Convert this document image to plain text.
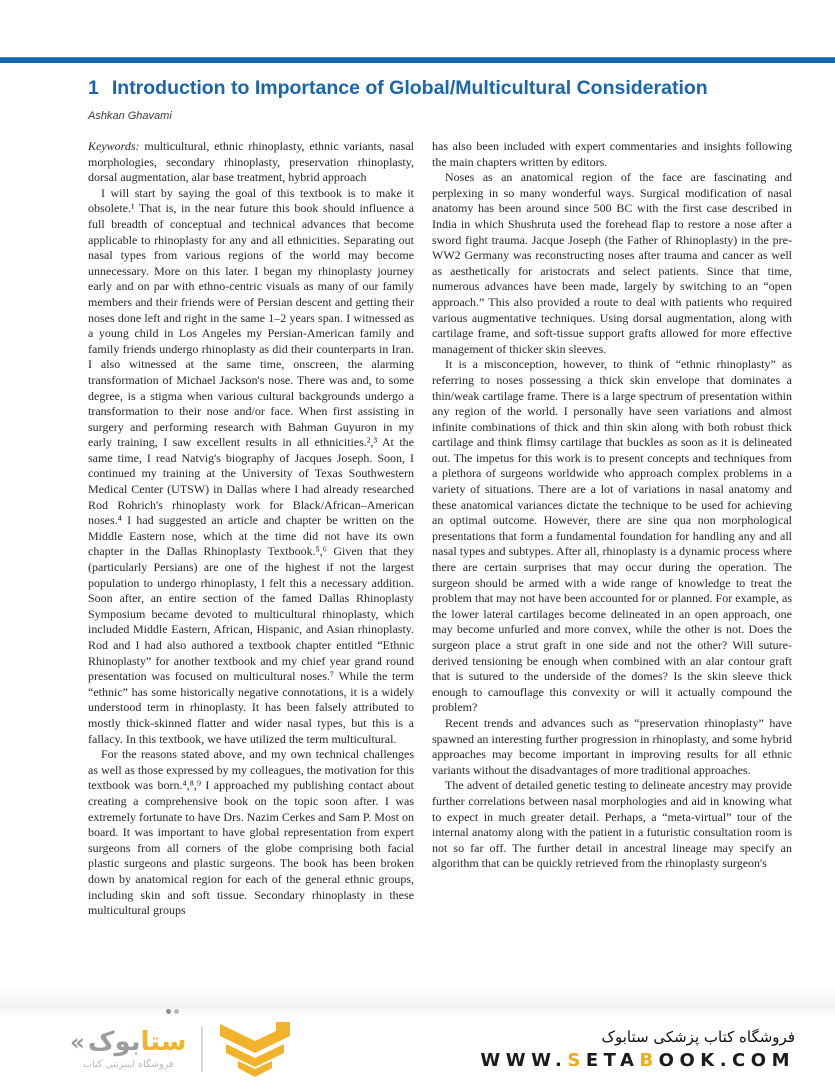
1 Introduction to Importance of Global/Multicultural Consideration
Ashkan Ghavami

Keywords: multicultural, ethnic rhinoplasty, ethnic variants, nasal morphologies, secondary rhinoplasty, preservation rhinoplasty, dorsal augmentation, alar base treatment, hybrid approach

I will start by saying the goal of this textbook is to make it obsolete.¹ That is, in the near future this book should influence a full breadth of conceptual and technical advances that become applicable to rhinoplasty for any and all ethnicities. Separating out nasal types from various regions of the world may become unnecessary. More on this later. I began my rhinoplasty journey early and on par with ethno-centric visuals as many of our family members and their friends were of Persian descent and getting their noses done left and right in the same 1–2 years span. I witnessed as a young child in Los Angeles my Persian-American family and family friends undergo rhinoplasty as did their counterparts in Iran. I also witnessed at the same time, onscreen, the alarming transformation of Michael Jackson's nose. There was and, to some degree, is a stigma when various cultural backgrounds undergo a transformation to their nose and/or face. When first assisting in surgery and performing research with Bahman Guyuron in my early training, I saw excellent results in all ethnicities.²,³ At the same time, I read Natvig's biography of Jacques Joseph. Soon, I continued my training at the University of Texas Southwestern Medical Center (UTSW) in Dallas where I had already researched Rod Rohrich's rhinoplasty work for Black/African–American noses.⁴ I had suggested an article and chapter be written on the Middle Eastern nose, which at the time did not have its own chapter in the Dallas Rhinoplasty Textbook.⁵,⁶ Given that they (particularly Persians) are one of the highest if not the largest population to undergo rhinoplasty, I felt this a necessary addition. Soon after, an entire section of the famed Dallas Rhinoplasty Symposium became devoted to multicultural rhinoplasty, which included Middle Eastern, African, Hispanic, and Asian rhinoplasty. Rod and I had also authored a textbook chapter entitled “Ethnic Rhinoplasty” for another textbook and my chief year grand round presentation was focused on multicultural noses.⁷ While the term “ethnic” has some historically negative connotations, it is a widely understood term in rhinoplasty. It has been falsely attributed to mostly thick-skinned flatter and wider nasal types, but this is a fallacy. In this textbook, we have utilized the term multicultural.

For the reasons stated above, and my own technical challenges as well as those expressed by my colleagues, the motivation for this textbook was born.⁴,⁸,⁹ I approached my publishing contact about creating a comprehensive book on the topic soon after. I was extremely fortunate to have Drs. Nazim Cerkes and Sam P. Most on board. It was important to have global representation from expert surgeons from all corners of the globe comprising both facial plastic surgeons and plastic surgeons. The book has been broken down by anatomical region for each of the general ethnic groups, including skin and soft tissue. Secondary rhinoplasty in these multicultural groups

has also been included with expert commentaries and insights following the main chapters written by editors.

Noses as an anatomical region of the face are fascinating and perplexing in so many wonderful ways. Surgical modification of nasal anatomy has been around since 500 BC with the first case described in India in which Shushruta used the forehead flap to restore a nose after a sword fight trauma. Jacque Joseph (the Father of Rhinoplasty) in the pre-WW2 Germany was reconstructing noses after trauma and cancer as well as aesthetically for aristocrats and select patients. Since that time, numerous advances have been made, largely by switching to an “open approach.” This also provided a route to deal with patients who required various augmentative techniques. Using dorsal augmentation, along with cartilage frame, and soft-tissue support grafts allowed for more effective management of thicker skin sleeves.

It is a misconception, however, to think of “ethnic rhinoplasty” as referring to noses possessing a thick skin envelope that dominates a thin/weak cartilage frame. There is a large spectrum of presentation within any region of the world. I personally have seen variations and almost infinite combinations of thick and thin skin along with both robust thick cartilage and think flimsy cartilage that buckles as soon as it is delineated out. The impetus for this work is to present concepts and techniques from a plethora of surgeons worldwide who approach complex problems in a variety of situations. There are a lot of variations in nasal anatomy and these anatomical variances dictate the technique to be used for achieving an optimal outcome. However, there are sine qua non morphological presentations that form a fundamental foundation for handling any and all nasal types and subtypes. After all, rhinoplasty is a dynamic process where there are certain surprises that may occur during the operation. The surgeon should be armed with a wide range of knowledge to treat the problem that may not have been accounted for or planned. For example, as the lower lateral cartilages become delineated in an open approach, one may become unfurled and more convex, while the other is not. Does the surgeon place a strut graft in one side and not the other? Will suture-derived tensioning be enough when combined with an alar contour graft that is sutured to the underside of the domes? Is the skin sleeve thick enough to camouflage this convexity or will it actually compound the problem?

Recent trends and advances such as “preservation rhinoplasty” have spawned an interesting further progression in rhinoplasty, and some hybrid approaches may become important in improving results for all ethnic variants without the disadvantages of more traditional approaches.

The advent of detailed genetic testing to delineate ancestry may provide further correlations between nasal morphologies and aid in knowing what to expect in much greater detail. Perhaps, a “meta-virtual” tour of the internal anatomy along with the patient in a futuristic consultation room is not so far off. The further detail in ancestral lineage may specify an algorithm that can be quickly retrieved from the rhinoplasty surgeon's

« ستابوک
فروشگاه اینترنتی کتاب
فروشگاه کتاب پزشکی ستابوک
WWW.SETABOOK.COM
